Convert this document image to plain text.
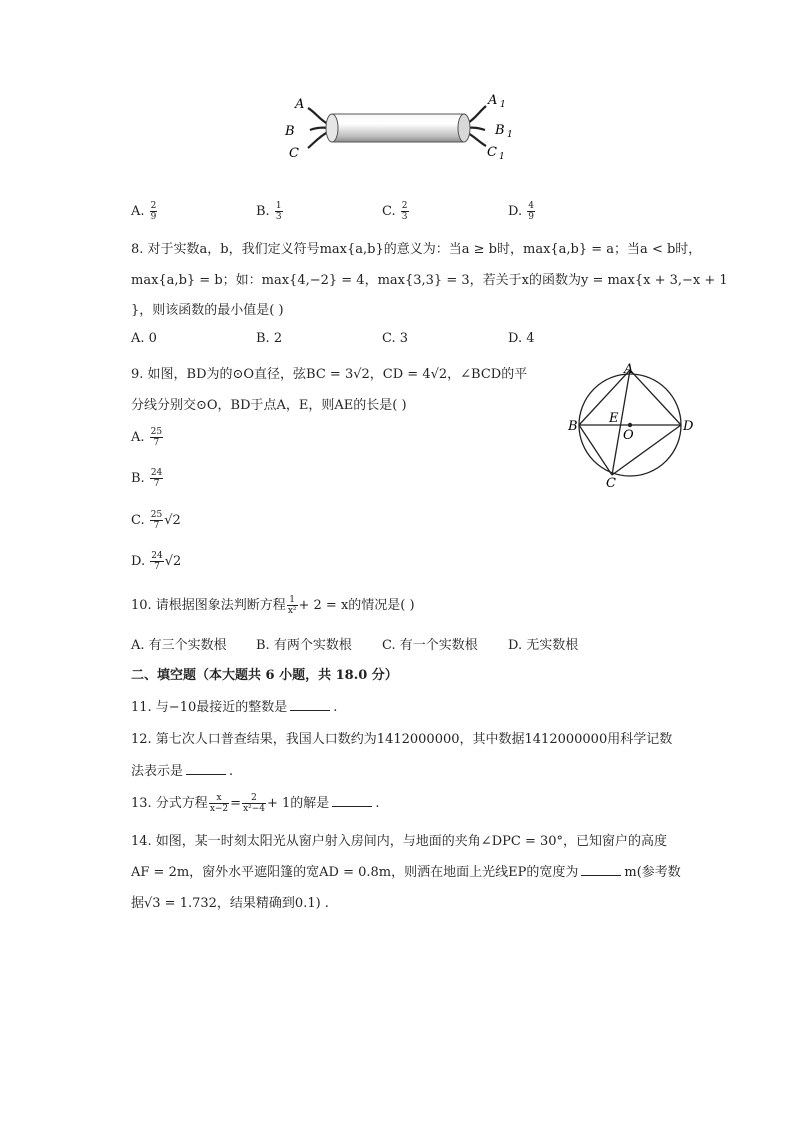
A
B
C
A 1
B 1
C 1
A. $\frac{2}{9}$	B. $\frac{1}{3}$	C. $\frac{2}{3}$	D. $\frac{4}{9}$
8. 对于实数a，b，我们定义符号max{a,b}的意义为：当a ≥ b时，max{a,b} = a；当a < b时，
max{a,b} = b；如：max{4,−2} = 4，max{3,3} = 3，若关于x的函数为y = max{x + 3,−x + 1
}，则该函数的最小值是( )
A. 0	B. 2	C. 3	D. 4
9. 如图，BD为的⊙O直径，弦BC = 3√2，CD = 4√2，∠BCD的平
分线分别交⊙O，BD于点A，E，则AE的长是( )
A. $\frac{25}{7}$
B. $\frac{24}{7}$
C. $\frac{25}{7} √2$
D. $\frac{24}{7} √2$
A
B	D
C
E
O
10. 请根据图象法判断方程 $\frac{1}{\text{x²}} + 2 = x$的情况是( )
A. 有三个实数根 B. 有两个实数根 C. 有一个实数根 D. 无实数根
二、填空题（本大题共 6 小题，共 18.0 分）
11. 与−10最接近的整数是	.
12. 第七次人口普查结果，我国人口数约为1412000000，其中数据1412000000用科学记数
法表示是	.
13. 分式方程 $\frac{x}{x-2} = \frac{2}{\text{x²−4}} + 1$的解是	.
14. 如图，某一时刻太阳光从窗户射入房间内，与地面的夹角∠DPC = 30°，已知窗户的高度
AF = 2m，窗外水平遮阳篷的宽AD = 0.8m，则洒在地面上光线EP的宽度为	m(参考数
据√3 = 1.732，结果精确到0.1) .
